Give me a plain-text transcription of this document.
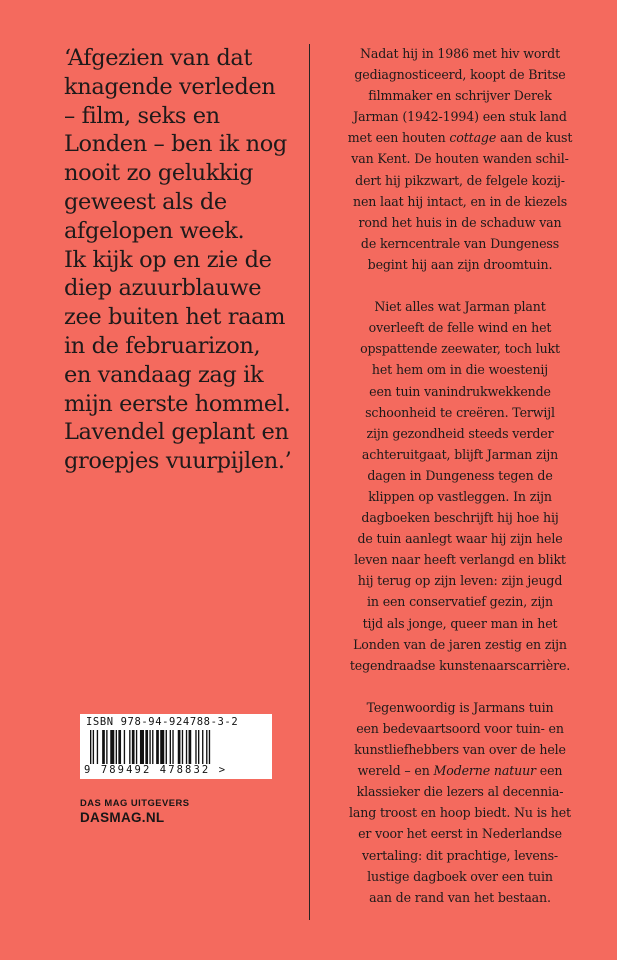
‘Afgezien van dat
knagende verleden
– film, seks en
Londen – ben ik nog
nooit zo gelukkig
geweest als de
afgelopen week.
Ik kijk op en zie de
diep azuurblauwe
zee buiten het raam
in de februarizon,
en vandaag zag ik
mijn eerste hommel.
Lavendel geplant en
groepjes vuurpijlen.’

Nadat hij in 1986 met hiv wordt
gediagnosticeerd, koopt de Britse
filmmaker en schrijver Derek
Jarman (1942-1994) een stuk land
met een houten cottage aan de kust
van Kent. De houten wanden schil-
dert hij pikzwart, de felgele kozij-
nen laat hij intact, en in de kiezels
rond het huis in de schaduw van
de kerncentrale van Dungeness
begint hij aan zijn droomtuin.

Niet alles wat Jarman plant
overleeft de felle wind en het
opspattende zeewater, toch lukt
het hem om in die woestenij
een tuin vanindrukwekkende
schoonheid te creëren. Terwijl
zijn gezondheid steeds verder
achteruitgaat, blijft Jarman zijn
dagen in Dungeness tegen de
klippen op vastleggen. In zijn
dagboeken beschrijft hij hoe hij
de tuin aanlegt waar hij zijn hele
leven naar heeft verlangd en blikt
hij terug op zijn leven: zijn jeugd
in een conservatief gezin, zijn
tijd als jonge, queer man in het
Londen van de jaren zestig en zijn
tegendraadse kunstenaarscarrière.

Tegenwoordig is Jarmans tuin
een bedevaartsoord voor tuin- en
kunstliefhebbers van over de hele
wereld – en Moderne natuur een
klassieker die lezers al decennia-
lang troost en hoop biedt. Nu is het
er voor het eerst in Nederlandse
vertaling: dit prachtige, levens-
lustige dagboek over een tuin
aan de rand van het bestaan.

ISBN 978-94-924788-3-2
9 789492 478832 >
DAS MAG UITGEVERS
DASMAG.NL
